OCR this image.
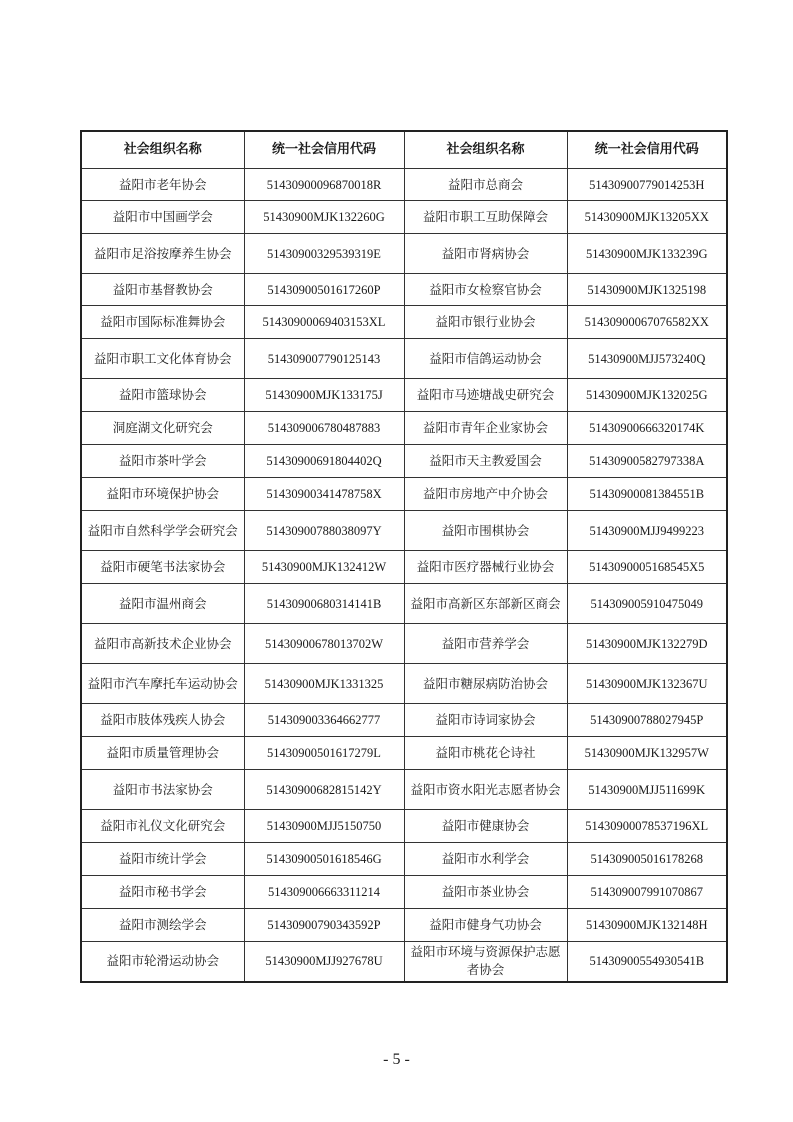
社会组织名称	统一社会信用代码	社会组织名称	统一社会信用代码
益阳市老年协会	51430900096870018R	益阳市总商会	51430900779014253H
益阳市中国画学会	51430900MJK132260G	益阳市职工互助保障会	51430900MJK13205XX
益阳市足浴按摩养生协会	51430900329539319E	益阳市肾病协会	51430900MJK133239G
益阳市基督教协会	51430900501617260P	益阳市女检察官协会	51430900MJK1325198
益阳市国际标准舞协会	51430900069403153XL	益阳市银行业协会	51430900067076582XX
益阳市职工文化体育协会	514309007790125143	益阳市信鸽运动协会	51430900MJJ573240Q
益阳市篮球协会	51430900MJK133175J	益阳市马迹塘战史研究会	51430900MJK132025G
洞庭湖文化研究会	514309006780487883	益阳市青年企业家协会	51430900666320174K
益阳市茶叶学会	51430900691804402Q	益阳市天主教爱国会	51430900582797338A
益阳市环境保护协会	51430900341478758X	益阳市房地产中介协会	51430900081384551B
益阳市自然科学学会研究会	51430900788038097Y	益阳市围棋协会	51430900MJJ9499223
益阳市硬笔书法家协会	51430900MJK132412W	益阳市医疗器械行业协会	5143090005168545X5
益阳市温州商会	51430900680314141B	益阳市高新区东部新区商会	514309005910475049
益阳市高新技术企业协会	51430900678013702W	益阳市营养学会	51430900MJK132279D
益阳市汽车摩托车运动协会	51430900MJK1331325	益阳市糖尿病防治协会	51430900MJK132367U
益阳市肢体残疾人协会	514309003364662777	益阳市诗词家协会	51430900788027945P
益阳市质量管理协会	51430900501617279L	益阳市桃花仑诗社	51430900MJK132957W
益阳市书法家协会	51430900682815142Y	益阳市资水阳光志愿者协会	51430900MJJ511699K
益阳市礼仪文化研究会	51430900MJJ5150750	益阳市健康协会	51430900078537196XL
益阳市统计学会	51430900501618546G	益阳市水利学会	514309005016178268
益阳市秘书学会	514309006663311214	益阳市茶业协会	514309007991070867
益阳市测绘学会	51430900790343592P	益阳市健身气功协会	51430900MJK132148H
益阳市轮滑运动协会	51430900MJJ927678U	益阳市环境与资源保护志愿者协会	51430900554930541B
- 5 -
